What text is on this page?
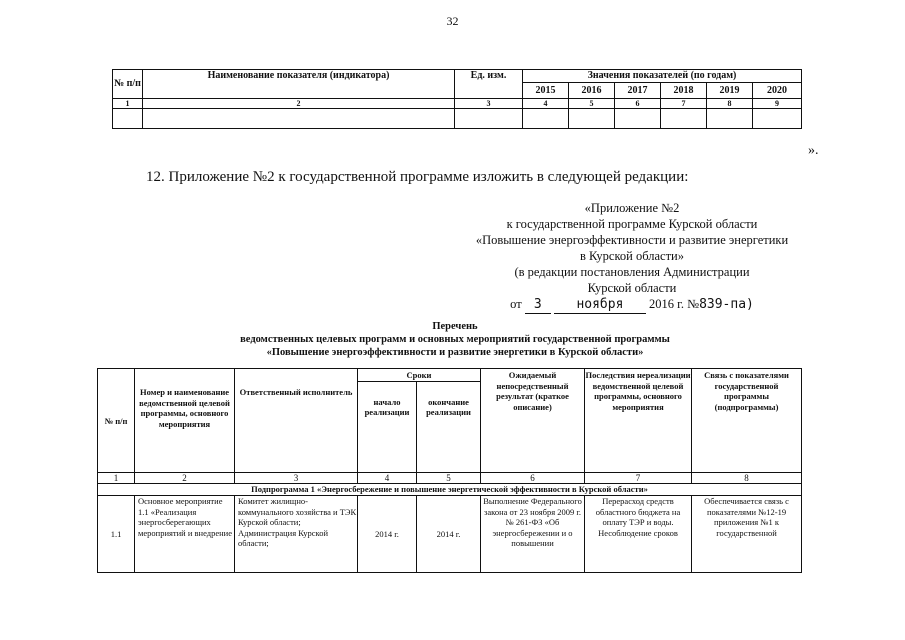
32
№ п/п	Наименование показателя (индикатора)	Ед. изм.	Значения показателей (по годам)					
			2015	2016	2017	2018	2019	2020
1	2	3	4	5	6	7	8	9

».
12. Приложение №2 к государственной программе изложить в следующей редакции:
«Приложение №2
к государственной программе Курской области
«Повышение энергоэффективности и развитие энергетики
в Курской области»
(в редакции постановления Администрации
Курской области
от 3	ноября 2016 г. №839-па)
Перечень
ведомственных целевых программ и основных мероприятий государственной программы
«Повышение энергоэффективности и развитие энергетики в Курской области»
№ п/п	Номер и наименование ведомственной целевой программы, основного мероприятия	Ответственный исполнитель	Сроки		Ожидаемый непосредственный результат (краткое описание)	Последствия нереализации ведомственной целевой программы, основного мероприятия	Связь с показателями государственной программы (подпрограммы)
			начало реализации	окончание реализации			
1	2	3	4	5	6	7	8
Подпрограмма 1 «Энергосбережение и повышение энергетической эффективности в Курской области»							
1.1	Основное мероприятие 1.1 «Реализация энергосберегающих мероприятий и внедрение	Комитет жилищно-коммунального хозяйства и ТЭК Курской области; Администрация Курской области;	2014 г.	2014 г.	Выполнение Федерального закона от 23 ноября 2009 г. № 261-ФЗ «Об энергосбережении и о повышении	Перерасход средств областного бюджета на оплату ТЭР и воды. Несоблюдение сроков	Обеспечивается связь с показателями №12-19 приложения №1 к государственной
